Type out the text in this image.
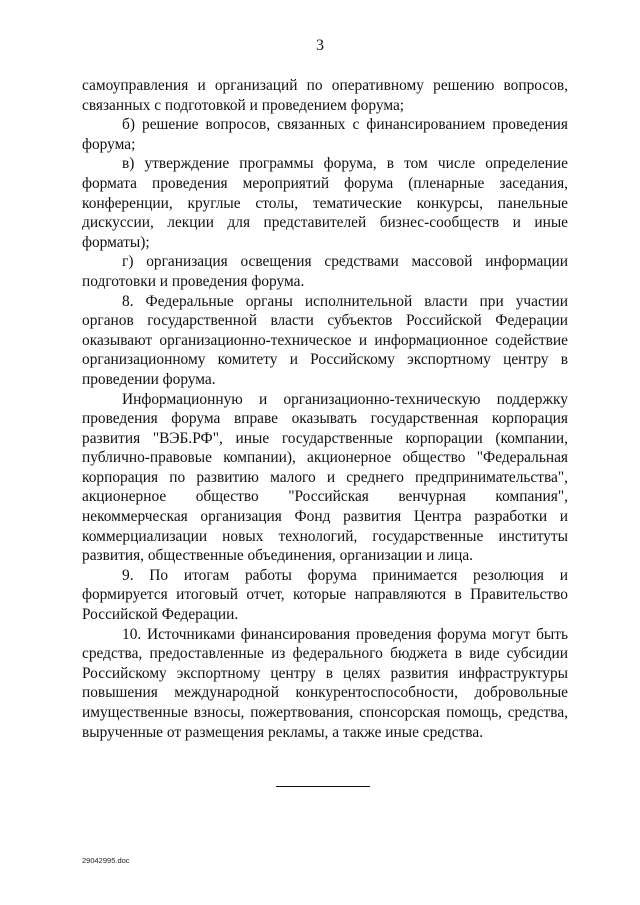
3

самоуправления и организаций по оперативному решению вопросов, связанных с подготовкой и проведением форума;

б) решение вопросов, связанных с финансированием проведения форума;

в) утверждение программы форума, в том числе определение формата проведения мероприятий форума (пленарные заседания, конференции, круглые столы, тематические конкурсы, панельные дискуссии, лекции для представителей бизнес-сообществ и иные форматы);

г) организация освещения средствами массовой информации подготовки и проведения форума.

8. Федеральные органы исполнительной власти при участии органов государственной власти субъектов Российской Федерации оказывают организационно-техническое и информационное содействие организационному комитету и Российскому экспортному центру в проведении форума.

Информационную и организационно-техническую поддержку проведения форума вправе оказывать государственная корпорация развития "ВЭБ.РФ", иные государственные корпорации (компании, публично-правовые компании), акционерное общество "Федеральная корпорация по развитию малого и среднего предпринимательства", акционерное общество "Российская венчурная компания", некоммерческая организация Фонд развития Центра разработки и коммерциализации новых технологий, государственные институты развития, общественные объединения, организации и лица.

9. По итогам работы форума принимается резолюция и формируется итоговый отчет, которые направляются в Правительство Российской Федерации.

10. Источниками финансирования проведения форума могут быть средства, предоставленные из федерального бюджета в виде субсидии Российскому экспортному центру в целях развития инфраструктуры повышения международной конкурентоспособности, добровольные имущественные взносы, пожертвования, спонсорская помощь, средства, вырученные от размещения рекламы, а также иные средства.

29042995.doc
